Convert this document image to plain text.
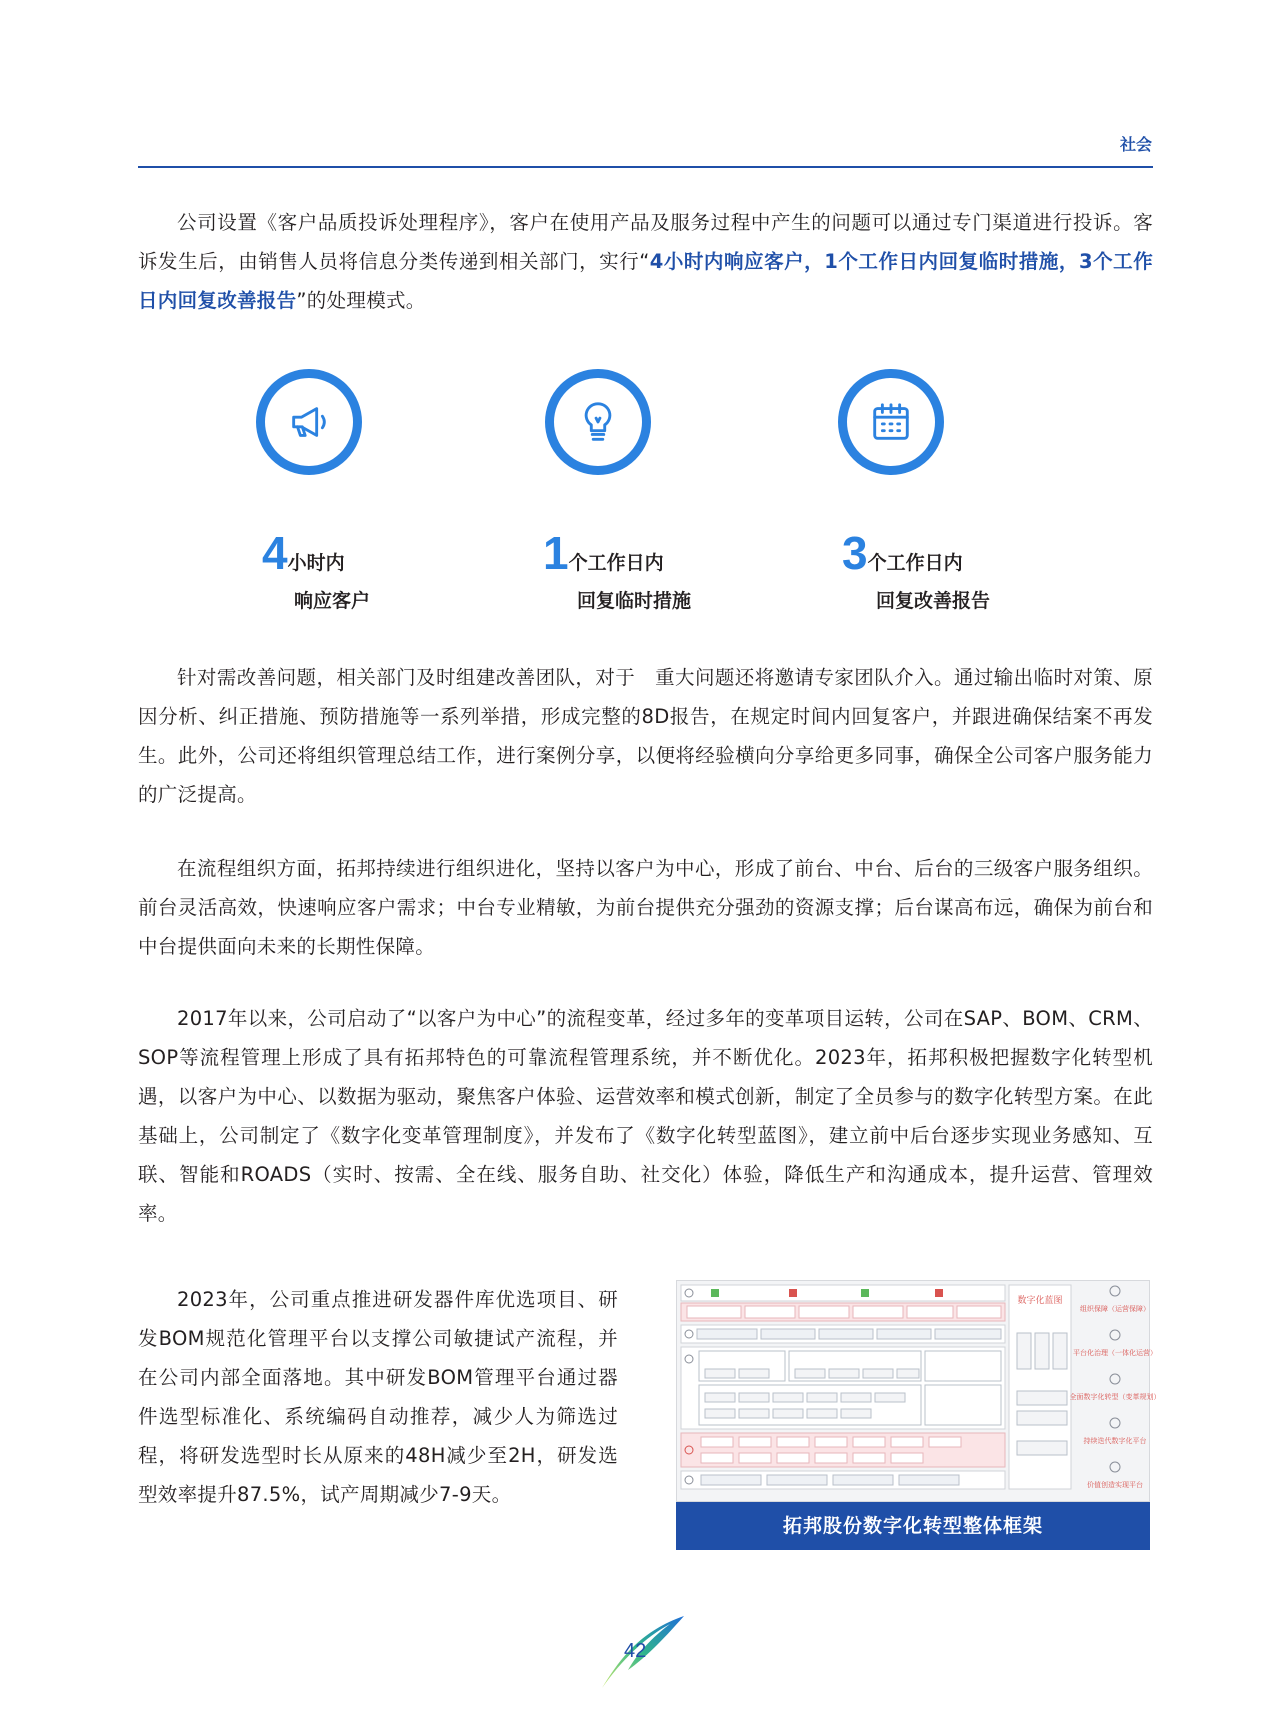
社会

公司设置《客户品质投诉处理程序》，客户在使用产品及服务过程中产生的问题可以通过专门渠道进行投诉。客诉发生后，由销售人员将信息分类传递到相关部门，实行“4小时内响应客户，1个工作日内回复临时措施，3个工作日内回复改善报告”的处理模式。

4小时内
响应客户
1个工作日内
回复临时措施
3个工作日内
回复改善报告

针对需改善问题，相关部门及时组建改善团队，对于　重大问题还将邀请专家团队介入。通过输出临时对策、原因分析、纠正措施、预防措施等一系列举措，形成完整的8D报告，在规定时间内回复客户，并跟进确保结案不再发生。此外，公司还将组织管理总结工作，进行案例分享，以便将经验横向分享给更多同事，确保全公司客户服务能力的广泛提高。

在流程组织方面，拓邦持续进行组织进化，坚持以客户为中心，形成了前台、中台、后台的三级客户服务组织。前台灵活高效，快速响应客户需求；中台专业精敏，为前台提供充分强劲的资源支撑；后台谋高布远，确保为前台和中台提供面向未来的长期性保障。

2017年以来，公司启动了“以客户为中心”的流程变革，经过多年的变革项目运转，公司在SAP、BOM、CRM、SOP等流程管理上形成了具有拓邦特色的可靠流程管理系统，并不断优化。2023年，拓邦积极把握数字化转型机遇，以客户为中心、以数据为驱动，聚焦客户体验、运营效率和模式创新，制定了全员参与的数字化转型方案。在此基础上，公司制定了《数字化变革管理制度》，并发布了《数字化转型蓝图》，建立前中后台逐步实现业务感知、互联、智能和ROADS（实时、按需、全在线、服务自助、社交化）体验，降低生产和沟通成本，提升运营、管理效率。

2023年，公司重点推进研发器件库优选项目、研发BOM规范化管理平台以支撑公司敏捷试产流程，并在公司内部全面落地。其中研发BOM管理平台通过器件选型标准化、系统编码自动推荐，减少人为筛选过程，将研发选型时长从原来的48H减少至2H，研发选型效率提升87.5%，试产周期减少7-9天。

数字化蓝图
组织保障（运营保障）
平台化治理（一体化运营）
全面数字化转型（变革规划）
持续迭代数字化平台
价值创造实现平台
拓邦股份数字化转型整体框架
42
